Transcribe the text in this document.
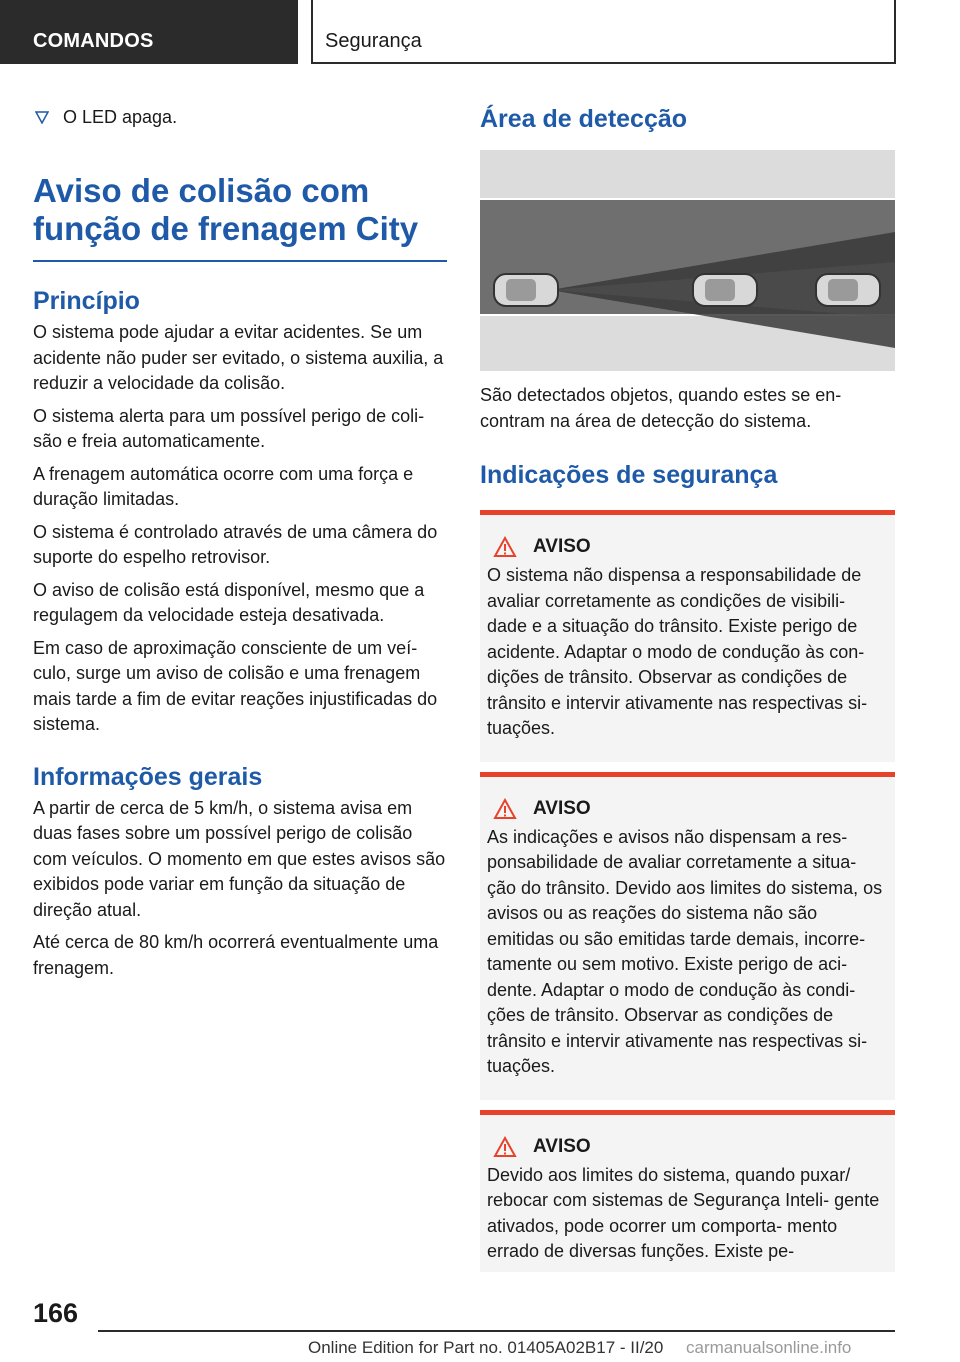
COMANDOS	Segurança
O LED apaga.
Aviso de colisão com
função de frenagem City
Princípio
O sistema pode ajudar a evitar acidentes. Se um acidente não puder ser evitado, o sistema auxilia, a reduzir a velocidade da colisão.
O sistema alerta para um possível perigo de coli‐ são e freia automaticamente.
A frenagem automática ocorre com uma força e duração limitadas.
O sistema é controlado através de uma câmera do suporte do espelho retrovisor.
O aviso de colisão está disponível, mesmo que a regulagem da velocidade esteja desativada.
Em caso de aproximação consciente de um veí‐ culo, surge um aviso de colisão e uma frenagem mais tarde a fim de evitar reações injustificadas do sistema.
Informações gerais
A partir de cerca de 5 km/h, o sistema avisa em duas fases sobre um possível perigo de colisão com veículos. O momento em que estes avisos são exibidos pode variar em função da situação de direção atual.
Até cerca de 80 km/h ocorrerá eventualmente uma frenagem.
Área de detecção
São detectados objetos, quando estes se en‐ contram na área de detecção do sistema.
Indicações de segurança
AVISO
O sistema não dispensa a responsabilidade de avaliar corretamente as condições de visibili‐ dade e a situação do trânsito. Existe perigo de acidente. Adaptar o modo de condução às con‐ dições de trânsito. Observar as condições de trânsito e intervir ativamente nas respectivas si‐ tuações.
AVISO
As indicações e avisos não dispensam a res‐ ponsabilidade de avaliar corretamente a situa‐ ção do trânsito. Devido aos limites do sistema, os avisos ou as reações do sistema não são emitidas ou são emitidas tarde demais, incorre‐ tamente ou sem motivo. Existe perigo de aci‐ dente. Adaptar o modo de condução às condi‐ ções de trânsito. Observar as condições de trânsito e intervir ativamente nas respectivas si‐ tuações.
AVISO
Devido aos limites do sistema, quando puxar/ rebocar com sistemas de Segurança Inteli‐ gente ativados, pode ocorrer um comporta‐ mento errado de diversas funções. Existe pe‐
166
Online Edition for Part no. 01405A02B17 - II/20 carmanualsonline.info
